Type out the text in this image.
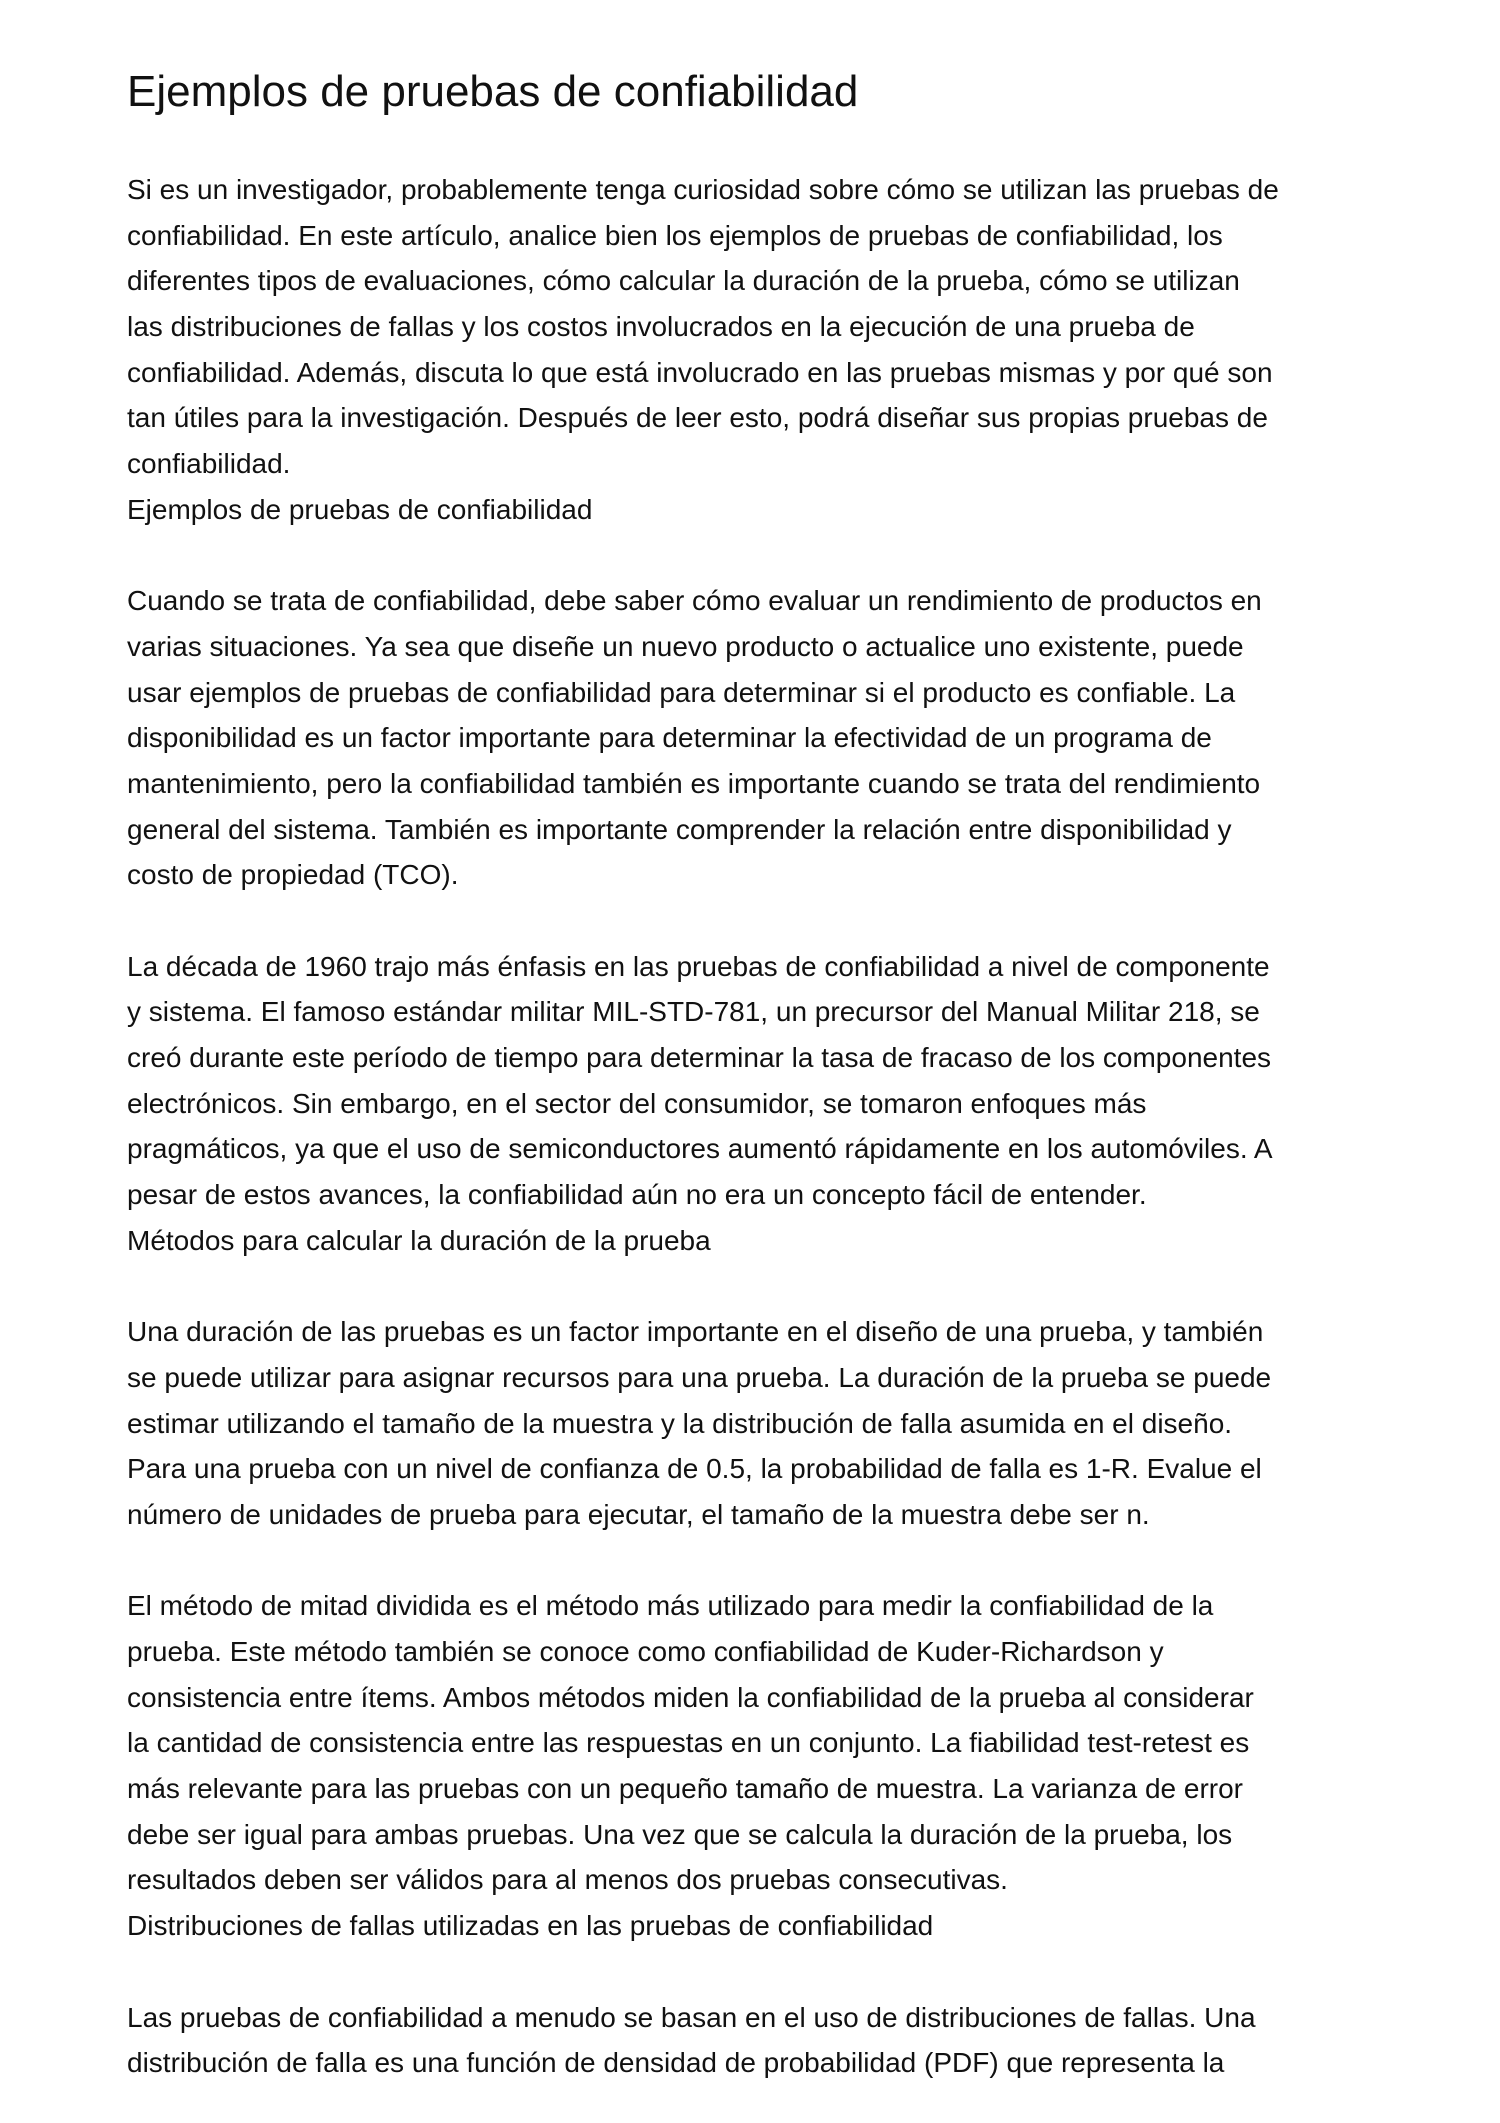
Ejemplos de pruebas de confiabilidad
Si es un investigador, probablemente tenga curiosidad sobre cómo se utilizan las pruebas de
confiabilidad. En este artículo, analice bien los ejemplos de pruebas de confiabilidad, los
diferentes tipos de evaluaciones, cómo calcular la duración de la prueba, cómo se utilizan
las distribuciones de fallas y los costos involucrados en la ejecución de una prueba de
confiabilidad. Además, discuta lo que está involucrado en las pruebas mismas y por qué son
tan útiles para la investigación. Después de leer esto, podrá diseñar sus propias pruebas de
confiabilidad.
Ejemplos de pruebas de confiabilidad
Cuando se trata de confiabilidad, debe saber cómo evaluar un rendimiento de productos en
varias situaciones. Ya sea que diseñe un nuevo producto o actualice uno existente, puede
usar ejemplos de pruebas de confiabilidad para determinar si el producto es confiable. La
disponibilidad es un factor importante para determinar la efectividad de un programa de
mantenimiento, pero la confiabilidad también es importante cuando se trata del rendimiento
general del sistema. También es importante comprender la relación entre disponibilidad y
costo de propiedad (TCO).
La década de 1960 trajo más énfasis en las pruebas de confiabilidad a nivel de componente
y sistema. El famoso estándar militar MIL-STD-781, un precursor del Manual Militar 218, se
creó durante este período de tiempo para determinar la tasa de fracaso de los componentes
electrónicos. Sin embargo, en el sector del consumidor, se tomaron enfoques más
pragmáticos, ya que el uso de semiconductores aumentó rápidamente en los automóviles. A
pesar de estos avances, la confiabilidad aún no era un concepto fácil de entender.
Métodos para calcular la duración de la prueba
Una duración de las pruebas es un factor importante en el diseño de una prueba, y también
se puede utilizar para asignar recursos para una prueba. La duración de la prueba se puede
estimar utilizando el tamaño de la muestra y la distribución de falla asumida en el diseño.
Para una prueba con un nivel de confianza de 0.5, la probabilidad de falla es 1-R. Evalue el
número de unidades de prueba para ejecutar, el tamaño de la muestra debe ser n.
El método de mitad dividida es el método más utilizado para medir la confiabilidad de la
prueba. Este método también se conoce como confiabilidad de Kuder-Richardson y
consistencia entre ítems. Ambos métodos miden la confiabilidad de la prueba al considerar
la cantidad de consistencia entre las respuestas en un conjunto. La fiabilidad test-retest es
más relevante para las pruebas con un pequeño tamaño de muestra. La varianza de error
debe ser igual para ambas pruebas. Una vez que se calcula la duración de la prueba, los
resultados deben ser válidos para al menos dos pruebas consecutivas.
Distribuciones de fallas utilizadas en las pruebas de confiabilidad
Las pruebas de confiabilidad a menudo se basan en el uso de distribuciones de fallas. Una
distribución de falla es una función de densidad de probabilidad (PDF) que representa la
